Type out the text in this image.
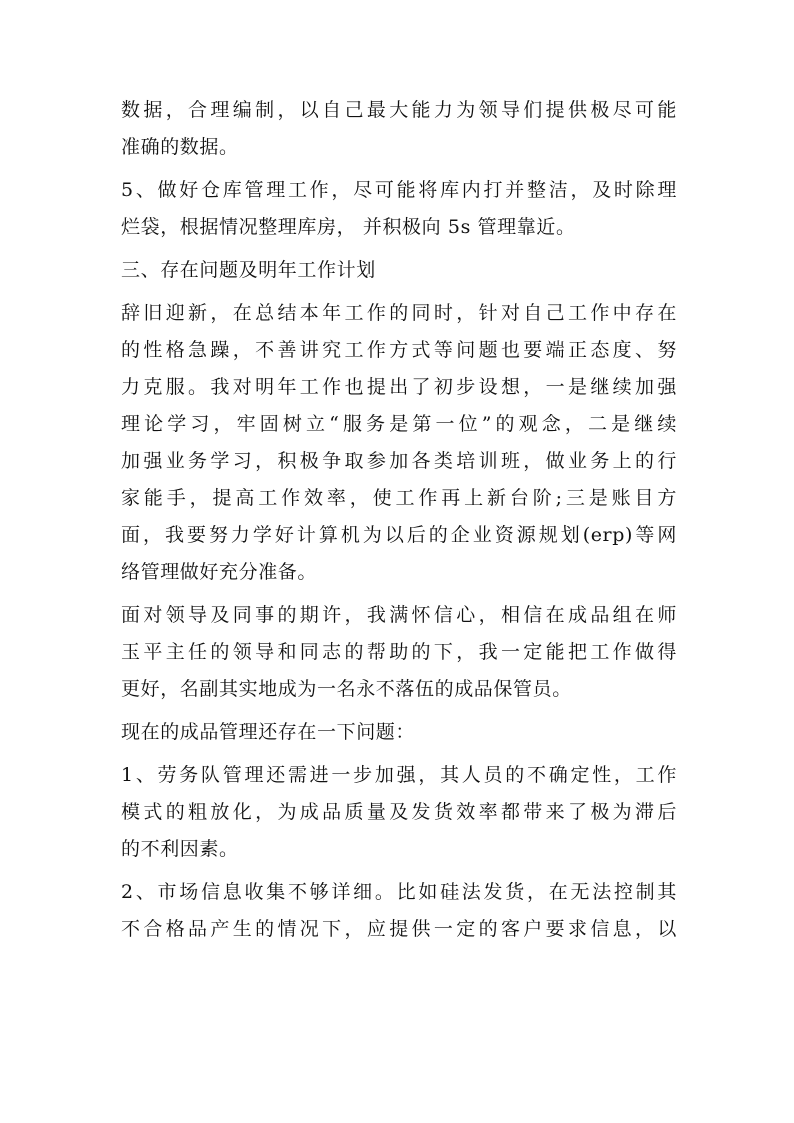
数据，合理编制，以自己最大能力为领导们提供极尽可能
准确的数据。
5、做好仓库管理工作，尽可能将库内打并整洁，及时除理
烂袋，根据情况整理库房， 并积极向 5s 管理靠近。
三、存在问题及明年工作计划
辞旧迎新，在总结本年工作的同时，针对自己工作中存在
的性格急躁，不善讲究工作方式等问题也要端正态度、努
力克服。我对明年工作也提出了初步设想，一是继续加强
理论学习，牢固树立“服务是第一位”的观念，二是继续
加强业务学习，积极争取参加各类培训班，做业务上的行
家能手，提高工作效率，使工作再上新台阶;三是账目方
面，我要努力学好计算机为以后的企业资源规划(erp)等网
络管理做好充分准备。
面对领导及同事的期许，我满怀信心，相信在成品组在师
玉平主任的领导和同志的帮助的下，我一定能把工作做得
更好，名副其实地成为一名永不落伍的成品保管员。
现在的成品管理还存在一下问题：
1、劳务队管理还需进一步加强，其人员的不确定性，工作
模式的粗放化，为成品质量及发货效率都带来了极为滞后
的不利因素。
2、市场信息收集不够详细。比如硅法发货，在无法控制其
不合格品产生的情况下，应提供一定的客户要求信息，以
